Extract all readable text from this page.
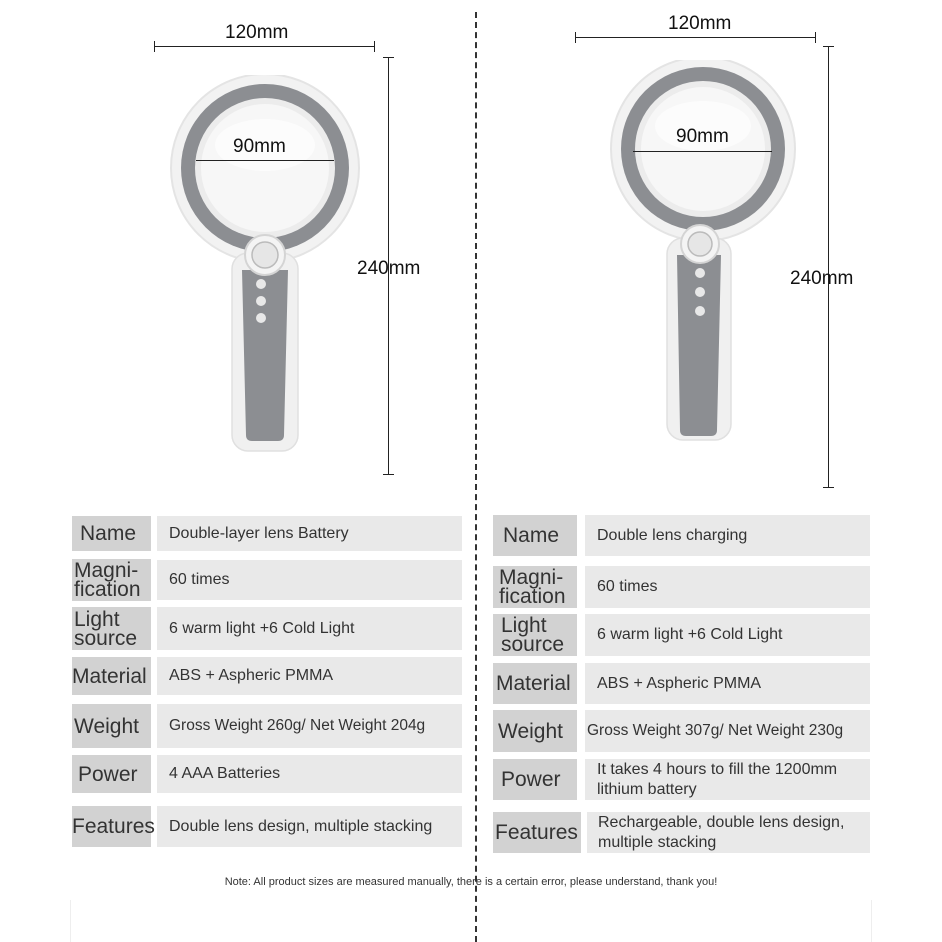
120mm
90mm
240mm
120mm
90mm
240mm
Name	Double-layer lens Battery
Magni-
fication	60 times
Light
source	6 warm light +6 Cold Light
Material	ABS + Aspheric PMMA
Weight	Gross Weight 260g/ Net Weight 204g
Power	4 AAA Batteries
Features Double lens design, multiple stacking
Name	Double lens charging
Magni-
fication	60 times
Light
source	6 warm light +6 Cold Light
Material	ABS + Aspheric PMMA
Weight	Gross Weight 307g/ Net Weight 230g
Power	It takes 4 hours to fill the 1200mm lithium battery
Features	Rechargeable, double lens design, multiple stacking
Note: All product sizes are measured manually, there is a certain error, please understand, thank you!
